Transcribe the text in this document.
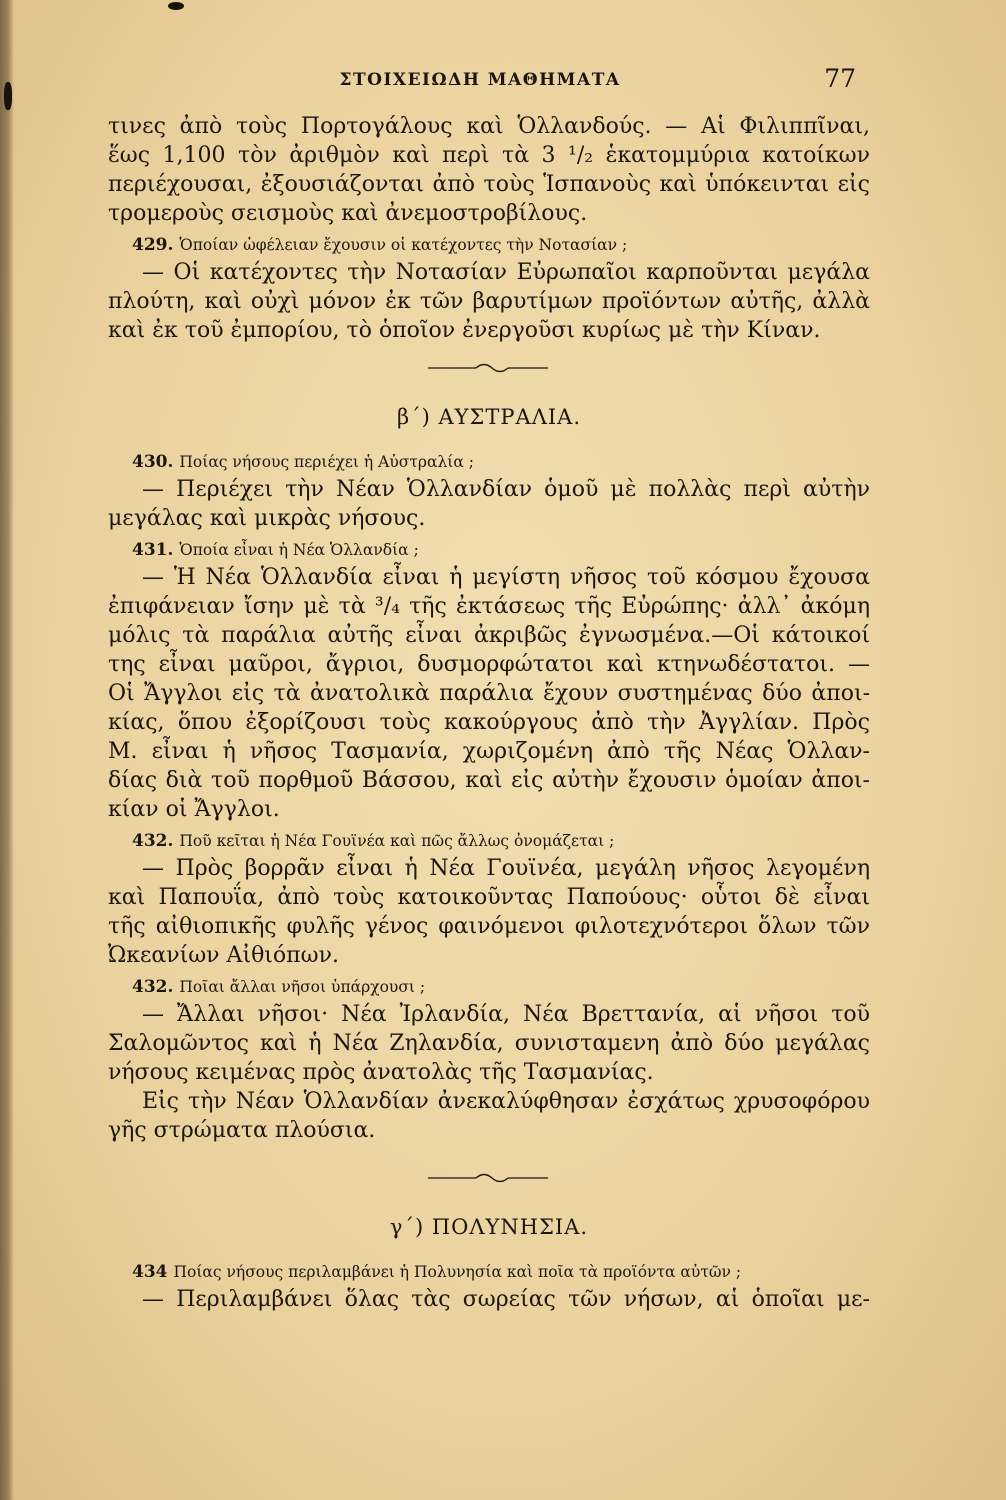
ΣΤΟΙΧΕΙΩΔΗ ΜΑΘΗΜΑΤΑ	77
τινες ἀπὸ τοὺς Πορτογάλους καὶ Ὁλλανδούς. — Αἱ Φιλιππῖναι,
ἕως 1,100 τὸν ἀριθμὸν καὶ περὶ τὰ 3 ¹/₂ ἑκατομμύρια κατοίκων
περιέχουσαι, ἐξουσιάζονται ἀπὸ τοὺς Ἱσπανοὺς καὶ ὑπόκεινται εἰς
τρομεροὺς σεισμοὺς καὶ ἀνεμοστροβίλους.
429. Ὁποίαν ὠφέλειαν ἔχουσιν οἱ κατέχοντες τὴν Νοτασίαν ;
— Οἱ κατέχοντες τὴν Νοτασίαν Εὐρωπαῖοι καρποῦνται μεγάλα
πλούτη, καὶ οὐχὶ μόνον ἐκ τῶν βαρυτίμων προϊόντων αὐτῆς, ἀλλὰ
καὶ ἐκ τοῦ ἐμπορίου, τὸ ὁποῖον ἐνεργοῦσι κυρίως μὲ τὴν Κίναν.
β´) ΑΥΣΤΡΑΛΙΑ.
430. Ποίας νήσους περιέχει ἡ Αὐστραλία ;
— Περιέχει τὴν Νέαν Ὁλλανδίαν ὁμοῦ μὲ πολλὰς περὶ αὐτὴν
μεγάλας καὶ μικρὰς νήσους.
431. Ὁποία εἶναι ἡ Νέα Ὁλλανδία ;
— Ἡ Νέα Ὁλλανδία εἶναι ἡ μεγίστη νῆσος τοῦ κόσμου ἔχουσα
ἐπιφάνειαν ἴσην μὲ τὰ ³/₄ τῆς ἐκτάσεως τῆς Εὐρώπης· ἀλλ᾽ ἀκόμη
μόλις τὰ παράλια αὐτῆς εἶναι ἀκριβῶς ἐγνωσμένα.—Οἱ κάτοικοί
της εἶναι μαῦροι, ἄγριοι, δυσμορφώτατοι καὶ κτηνωδέστατοι. —
Οἱ Ἄγγλοι εἰς τὰ ἀνατολικὰ παράλια ἔχουν συστημένας δύο ἀποι-
κίας, ὅπου ἐξορίζουσι τοὺς κακούργους ἀπὸ τὴν Ἀγγλίαν. Πρὸς
Μ. εἶναι ἡ νῆσος Τασμανία, χωριζομένη ἀπὸ τῆς Νέας Ὁλλαν-
δίας διὰ τοῦ πορθμοῦ Βάσσου, καὶ εἰς αὐτὴν ἔχουσιν ὁμοίαν ἀποι-
κίαν οἱ Ἄγγλοι.
432. Ποῦ κεῖται ἡ Νέα Γουϊνέα καὶ πῶς ἄλλως ὀνομάζεται ;
— Πρὸς βορρᾶν εἶναι ἡ Νέα Γουϊνέα, μεγάλη νῆσος λεγομένη
καὶ Παπουΐα, ἀπὸ τοὺς κατοικοῦντας Παπούους· οὗτοι δὲ εἶναι
τῆς αἰθιοπικῆς φυλῆς γένος φαινόμενοι φιλοτεχνότεροι ὅλων τῶν
Ὠκεανίων Αἰθιόπων.
432. Ποῖαι ἄλλαι νῆσοι ὑπάρχουσι ;
— Ἄλλαι νῆσοι· Νέα Ἰρλανδία, Νέα Βρεττανία, αἱ νῆσοι τοῦ
Σαλομῶντος καὶ ἡ Νέα Ζηλανδία, συνισταμενη ἀπὸ δύο μεγάλας
νήσους κειμένας πρὸς ἀνατολὰς τῆς Τασμανίας.
Εἰς τὴν Νέαν Ὁλλανδίαν ἀνεκαλύφθησαν ἐσχάτως χρυσοφόρου
γῆς στρώματα πλούσια.
γ´) ΠΟΛΥΝΗΣΙΑ.
434 Ποίας νήσους περιλαμβάνει ἡ Πολυνησία καὶ ποῖα τὰ προϊόντα αὐτῶν ;
— Περιλαμβάνει ὅλας τὰς σωρείας τῶν νήσων, αἱ ὁποῖαι με-
